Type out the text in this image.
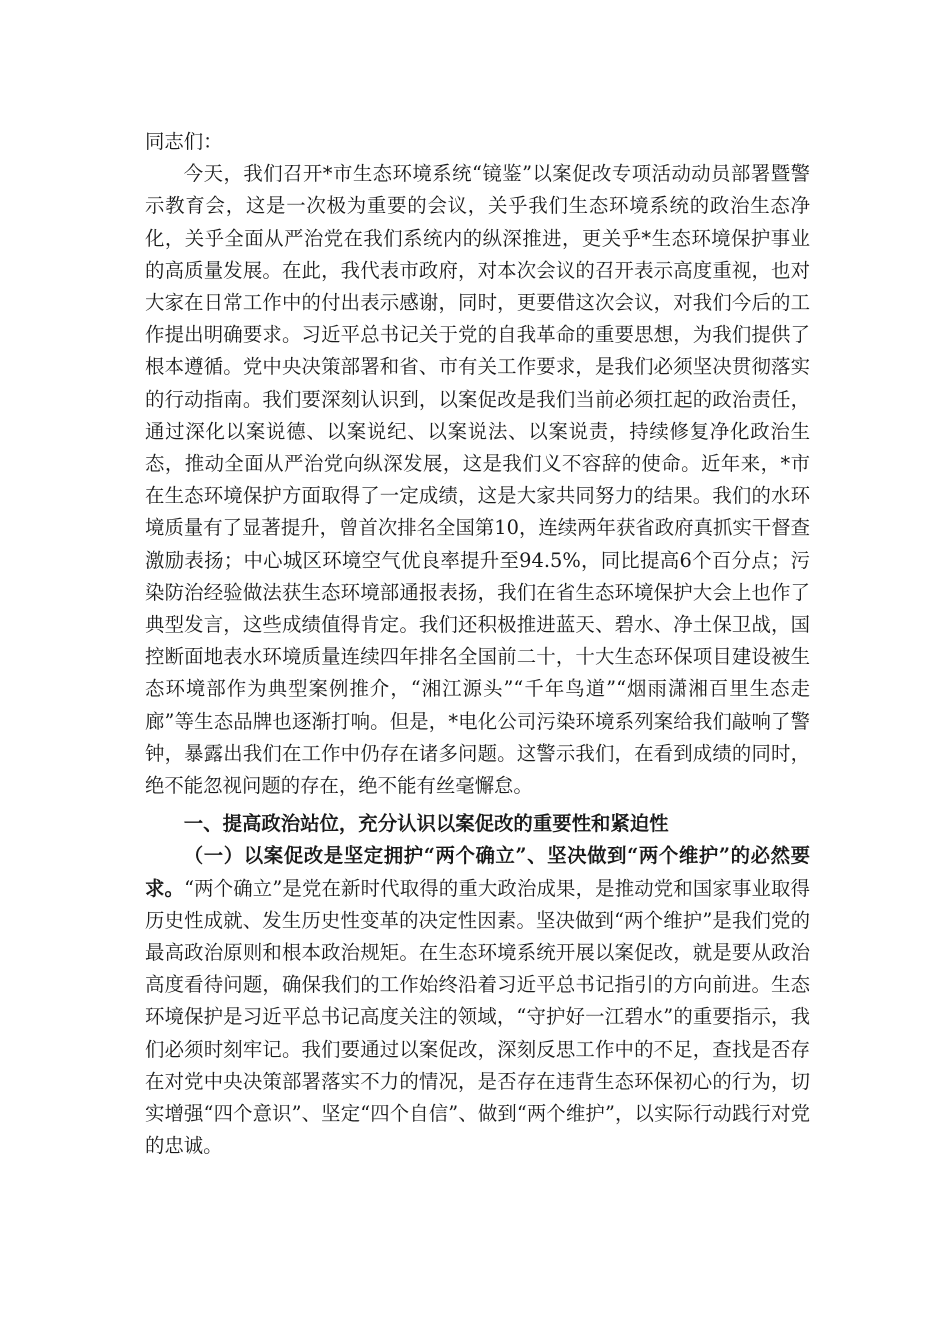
同志们：

今天，我们召开*市生态环境系统“镜鉴”以案促改专项活动动员部署暨警示教育会，这是一次极为重要的会议，关乎我们生态环境系统的政治生态净化，关乎全面从严治党在我们系统内的纵深推进，更关乎*生态环境保护事业的高质量发展。在此，我代表市政府，对本次会议的召开表示高度重视，也对大家在日常工作中的付出表示感谢，同时，更要借这次会议，对我们今后的工作提出明确要求。习近平总书记关于党的自我革命的重要思想，为我们提供了根本遵循。党中央决策部署和省、市有关工作要求，是我们必须坚决贯彻落实的行动指南。我们要深刻认识到，以案促改是我们当前必须扛起的政治责任，通过深化以案说德、以案说纪、以案说法、以案说责，持续修复净化政治生态，推动全面从严治党向纵深发展，这是我们义不容辞的使命。近年来，*市在生态环境保护方面取得了一定成绩，这是大家共同努力的结果。我们的水环境质量有了显著提升，曾首次排名全国第10，连续两年获省政府真抓实干督查激励表扬；中心城区环境空气优良率提升至94.5%，同比提高6个百分点；污染防治经验做法获生态环境部通报表扬，我们在省生态环境保护大会上也作了典型发言，这些成绩值得肯定。我们还积极推进蓝天、碧水、净土保卫战，国控断面地表水环境质量连续四年排名全国前二十，十大生态环保项目建设被生态环境部作为典型案例推介，“湘江源头”“千年鸟道”“烟雨潇湘百里生态走廊”等生态品牌也逐渐打响。但是，*电化公司污染环境系列案给我们敲响了警钟，暴露出我们在工作中仍存在诸多问题。这警示我们，在看到成绩的同时，绝不能忽视问题的存在，绝不能有丝毫懈怠。

一、提高政治站位，充分认识以案促改的重要性和紧迫性

（一）以案促改是坚定拥护“两个确立”、坚决做到“两个维护”的必然要求。“两个确立”是党在新时代取得的重大政治成果，是推动党和国家事业取得历史性成就、发生历史性变革的决定性因素。坚决做到“两个维护”是我们党的最高政治原则和根本政治规矩。在生态环境系统开展以案促改，就是要从政治高度看待问题，确保我们的工作始终沿着习近平总书记指引的方向前进。生态环境保护是习近平总书记高度关注的领域，“守护好一江碧水”的重要指示，我们必须时刻牢记。我们要通过以案促改，深刻反思工作中的不足，查找是否存在对党中央决策部署落实不力的情况，是否存在违背生态环保初心的行为，切实增强“四个意识”、坚定“四个自信”、做到“两个维护”，以实际行动践行对党的忠诚。
